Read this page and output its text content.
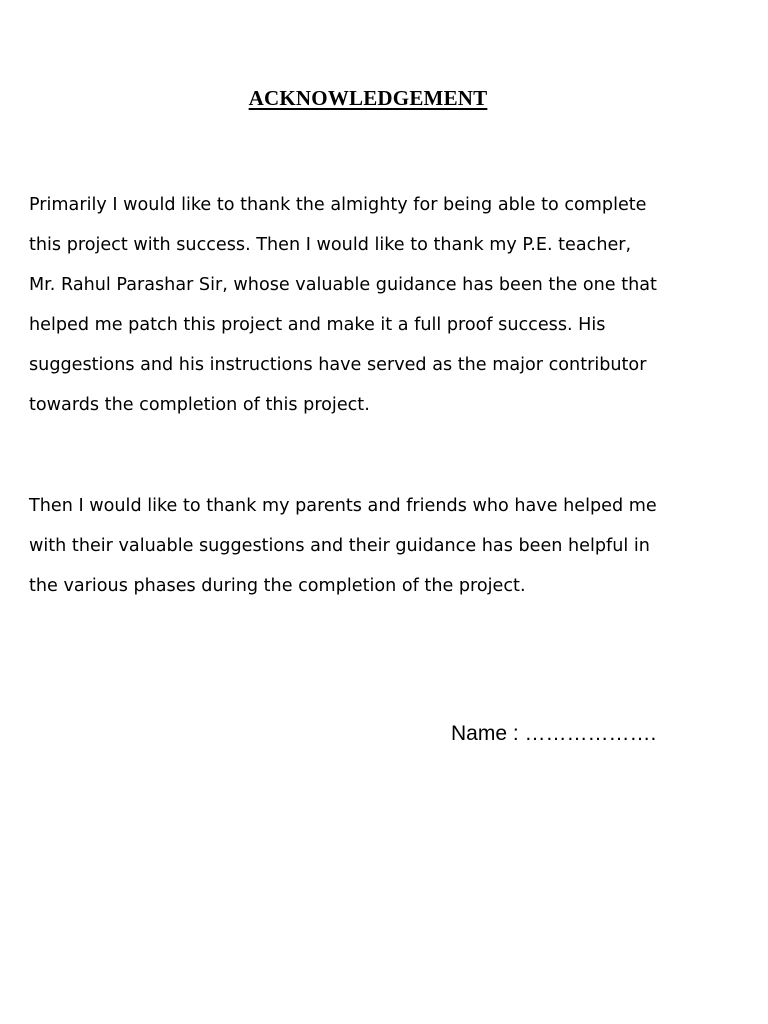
ACKNOWLEDGEMENT

Primarily I would like to thank the almighty for being able to complete
this project with success. Then I would like to thank my P.E. teacher,
Mr. Rahul Parashar Sir, whose valuable guidance has been the one that
helped me patch this project and make it a full proof success. His
suggestions and his instructions have served as the major contributor
towards the completion of this project.

Then I would like to thank my parents and friends who have helped me
with their valuable suggestions and their guidance has been helpful in
the various phases during the completion of the project.

Name : ……………….
